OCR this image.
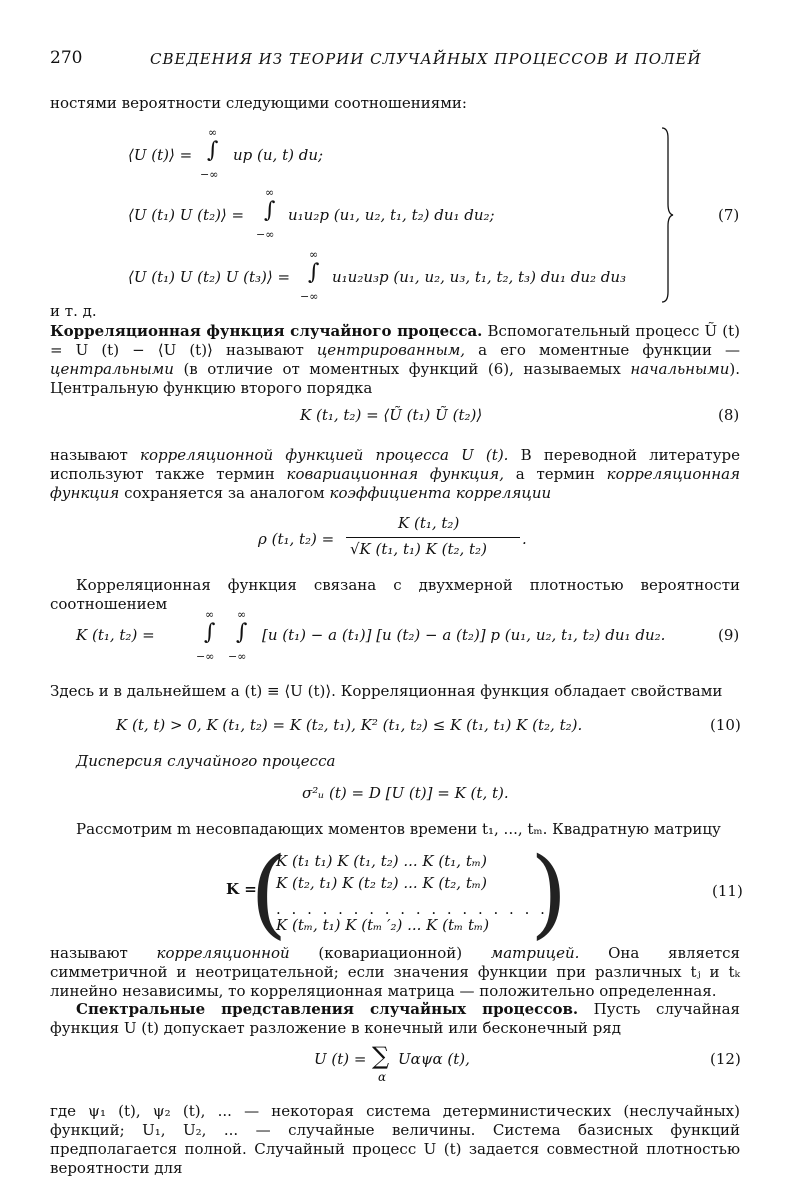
270	СВЕДЕНИЯ ИЗ ТЕОРИИ СЛУЧАЙНЫХ ПРОЦЕССОВ И ПОЛЕЙ
ностями вероятности следующими соотношениями:
⟨U (t)⟩ =
∞
∫
−∞
up (u, t) du;
⟨U (t₁) U (t₂)⟩ =
∞
∫
−∞
u₁u₂p (u₁, u₂, t₁, t₂) du₁ du₂;
⟨U (t₁) U (t₂) U (t₃)⟩ =
∞
∫
−∞
u₁u₂u₃p (u₁, u₂, u₃, t₁, t₂, t₃) du₁ du₂ du₃
(7)
и т. д.
Корреляционная функция случайного процесса. Вспомогательный процесс Ũ (t) = U (t) − ⟨U (t)⟩ называют центрированным, а его моментные функции — центральными (в отличие от моментных функций (6), называемых начальными). Центральную функцию второго порядка
K (t₁, t₂) = ⟨Ũ (t₁) Ũ (t₂)⟩	(8)
называют корреляционной функцией процесса U (t). В переводной литературе используют также термин ковариационная функция, а термин корреляционная функция сохраняется за аналогом коэффициента корреляции
ρ (t₁, t₂) =
K (t₁, t₂)
√K (t₁, t₁) K (t₂, t₂)
.
Корреляционная функция связана с двухмерной плотностью вероятности соотношением
K (t₁, t₂) =
∞
∫
−∞
∞
∫
−∞
[u (t₁) − a (t₁)] [u (t₂) − a (t₂)] p (u₁, u₂, t₁, t₂) du₁ du₂.	(9)
Здесь и в дальнейшем a (t) ≡ ⟨U (t)⟩. Корреляционная функция обладает свойствами
K (t, t) > 0, K (t₁, t₂) = K (t₂, t₁), K² (t₁, t₂) ≤ K (t₁, t₁) K (t₂, t₂).	(10)
Дисперсия случайного процесса
σ²ᵤ (t) = D [U (t)] = K (t, t).
Рассмотрим m несовпадающих моментов времени t₁, ..., tₘ. Квадратную матрицу
K =
(
K (t₁ t₁) K (t₁, t₂) ... K (t₁, tₘ)
K (t₂, t₁) K (t₂ t₂) ... K (t₂, tₘ)
. . . . . . . . . . . . . . . . . .
K (tₘ, t₁) K (tₘ ′₂) ... K (tₘ tₘ) )	(11)
называют корреляционной (ковариационной) матрицей. Она является симметричной и неотрицательной; если значения функции при различных tⱼ и tₖ линейно независимы, то корреляционная матрица — положительно определенная.
Спектральные представления случайных процессов. Пусть случайная функция U (t) допускает разложение в конечный или бесконечный ряд
U (t) = ∑
α
Uαψα (t),	(12)
где ψ₁ (t), ψ₂ (t), ... — некоторая система детерминистических (неслучайных) функций; U₁, U₂, ... — случайные величины. Система базисных функций предполагается полной. Случайный процесс U (t) задается совместной плотностью вероятности для
